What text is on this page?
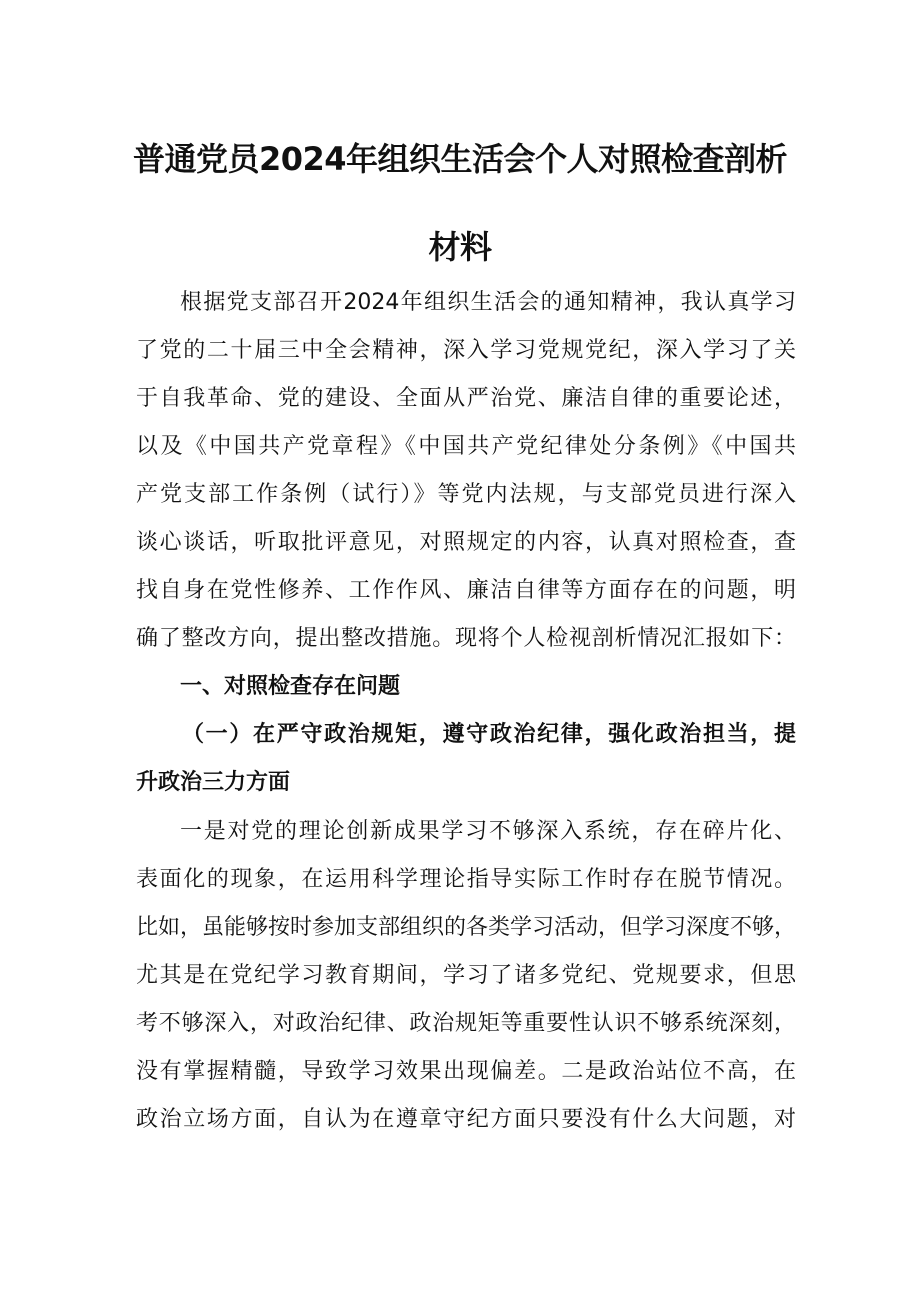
普通党员2024年组织生活会个人对照检查剖析
材料
根据党支部召开2024年组织生活会的通知精神，我认真学习
了党的二十届三中全会精神，深入学习党规党纪，深入学习了关
于自我革命、党的建设、全面从严治党、廉洁自律的重要论述，
以及《中国共产党章程》《中国共产党纪律处分条例》《中国共
产党支部工作条例（试行）》等党内法规，与支部党员进行深入
谈心谈话，听取批评意见，对照规定的内容，认真对照检查，查
找自身在党性修养、工作作风、廉洁自律等方面存在的问题，明
确了整改方向，提出整改措施。现将个人检视剖析情况汇报如下：
一、对照检查存在问题
（一）在严守政治规矩，遵守政治纪律，强化政治担当，提
升政治三力方面
一是对党的理论创新成果学习不够深入系统，存在碎片化、
表面化的现象，在运用科学理论指导实际工作时存在脱节情况。
比如，虽能够按时参加支部组织的各类学习活动，但学习深度不够，
尤其是在党纪学习教育期间，学习了诸多党纪、党规要求，但思
考不够深入，对政治纪律、政治规矩等重要性认识不够系统深刻，
没有掌握精髓，导致学习效果出现偏差。二是政治站位不高，在
政治立场方面，自认为在遵章守纪方面只要没有什么大问题，对
